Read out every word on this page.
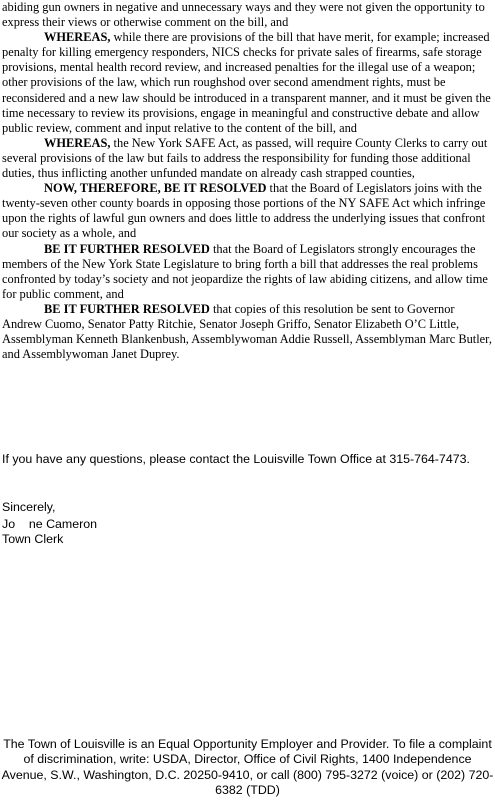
abiding gun owners in negative and unnecessary ways and they were not given the opportunity to express their views or otherwise comment on the bill, and

WHEREAS, while there are provisions of the bill that have merit, for example; increased penalty for killing emergency responders, NICS checks for private sales of firearms, safe storage provisions, mental health record review, and increased penalties for the illegal use of a weapon; other provisions of the law, which run roughshod over second amendment rights, must be reconsidered and a new law should be introduced in a transparent manner, and it must be given the time necessary to review its provisions, engage in meaningful and constructive debate and allow public review, comment and input relative to the content of the bill, and

WHEREAS, the New York SAFE Act, as passed, will require County Clerks to carry out several provisions of the law but fails to address the responsibility for funding those additional duties, thus inflicting another unfunded mandate on already cash strapped counties,

NOW, THEREFORE, BE IT RESOLVED that the Board of Legislators joins with the twenty-seven other county boards in opposing those portions of the NY SAFE Act which infringe upon the rights of lawful gun owners and does little to address the underlying issues that confront our society as a whole, and

BE IT FURTHER RESOLVED that the Board of Legislators strongly encourages the members of the New York State Legislature to bring forth a bill that addresses the real problems confronted by today’s society and not jeopardize the rights of law abiding citizens, and allow time for public comment, and

BE IT FURTHER RESOLVED that copies of this resolution be sent to Governor Andrew Cuomo, Senator Patty Ritchie, Senator Joseph Griffo, Senator Elizabeth O’C Little, Assemblyman Kenneth Blankenbush, Assemblywoman Addie Russell, Assemblyman Marc Butler, and Assemblywoman Janet Duprey.

If you have any questions, please contact the Louisville Town Office at 315-764-7473.
Sincerely,

Jo    ne Cameron

Town Clerk

The Town of Louisville is an Equal Opportunity Employer and Provider. To file a complaint of discrimination, write: USDA, Director, Office of Civil Rights, 1400 Independence Avenue, S.W., Washington, D.C. 20250-9410, or call (800) 795-3272 (voice) or (202) 720-6382 (TDD)
